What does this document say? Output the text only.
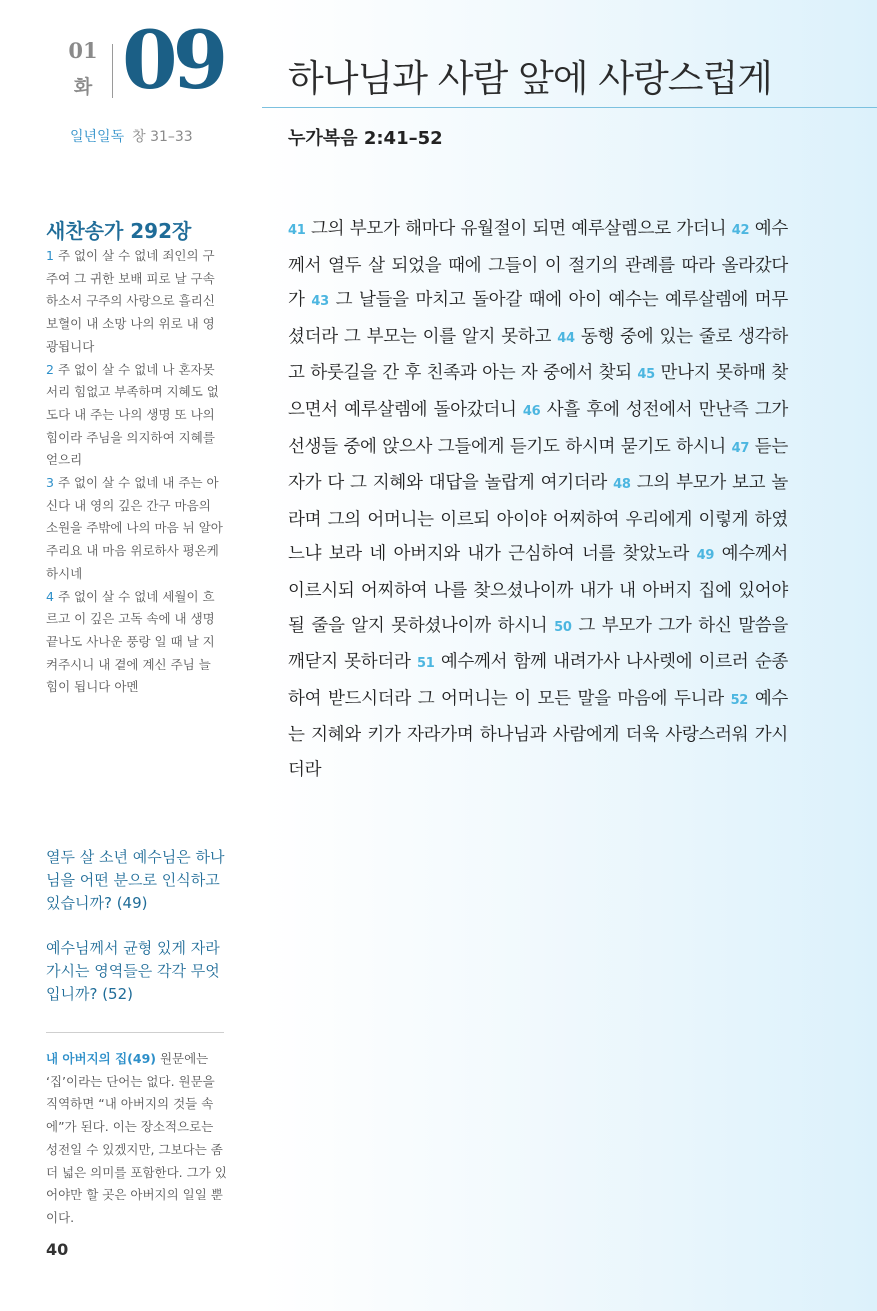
01
화 09
일년일독 창 31–33
하나님과 사람 앞에 사랑스럽게
누가복음 2:41–52
새찬송가 292장

1 주 없이 살 수 없네 죄인의 구주여 그 귀한 보배 피로 날 구속하소서 구주의 사랑으로 흘리신 보혈이 내 소망 나의 위로 내 영광됩니다

2 주 없이 살 수 없네 나 혼자못 서리 힘없고 부족하며 지혜도 없도다 내 주는 나의 생명 또 나의 힘이라 주님을 의지하여 지혜를 얻으리

3 주 없이 살 수 없네 내 주는 아신다 내 영의 깊은 간구 마음의 소원을 주밖에 나의 마음 뉘 알아주리요 내 마음 위로하사 평온케 하시네

4 주 없이 살 수 없네 세월이 흐르고 이 깊은 고독 속에 내 생명 끝나도 사나운 풍랑 일 때 날 지켜주시니 내 곁에 계신 주님 늘 힘이 됩니다 아멘

41 그의 부모가 해마다 유월절이 되면 예루살렘으로 가더니 42 예수께서 열두 살 되었을 때에 그들이 이 절기의 관례를 따라 올라갔다가 43 그 날들을 마치고 돌아갈 때에 아이 예수는 예루살렘에 머무셨더라 그 부모는 이를 알지 못하고 44 동행 중에 있는 줄로 생각하고 하룻길을 간 후 친족과 아는 자 중에서 찾되 45 만나지 못하매 찾으면서 예루살렘에 돌아갔더니 46 사흘 후에 성전에서 만난즉 그가 선생들 중에 앉으사 그들에게 듣기도 하시며 묻기도 하시니 47 듣는 자가 다 그 지혜와 대답을 놀랍게 여기더라 48 그의 부모가 보고 놀라며 그의 어머니는 이르되 아이야 어찌하여 우리에게 이렇게 하였느냐 보라 네 아버지와 내가 근심하여 너를 찾았노라 49 예수께서 이르시되 어찌하여 나를 찾으셨나이까 내가 내 아버지 집에 있어야 될 줄을 알지 못하셨나이까 하시니 50 그 부모가 그가 하신 말씀을 깨닫지 못하더라 51 예수께서 함께 내려가사 나사렛에 이르러 순종하여 받드시더라 그 어머니는 이 모든 말을 마음에 두니라 52 예수는 지혜와 키가 자라가며 하나님과 사람에게 더욱 사랑스러워 가시더라
열두 살 소년 예수님은 하나님을 어떤 분으로 인식하고 있습니까? (49)
예수님께서 균형 있게 자라가시는 영역들은 각각 무엇입니까? (52)
내 아버지의 집(49) 원문에는 ‘집’이라는 단어는 없다. 원문을 직역하면 “내 아버지의 것들 속에”가 된다. 이는 장소적으로는 성전일 수 있겠지만, 그보다는 좀 더 넓은 의미를 포함한다. 그가 있어야만 할 곳은 아버지의 일일 뿐이다.
40
